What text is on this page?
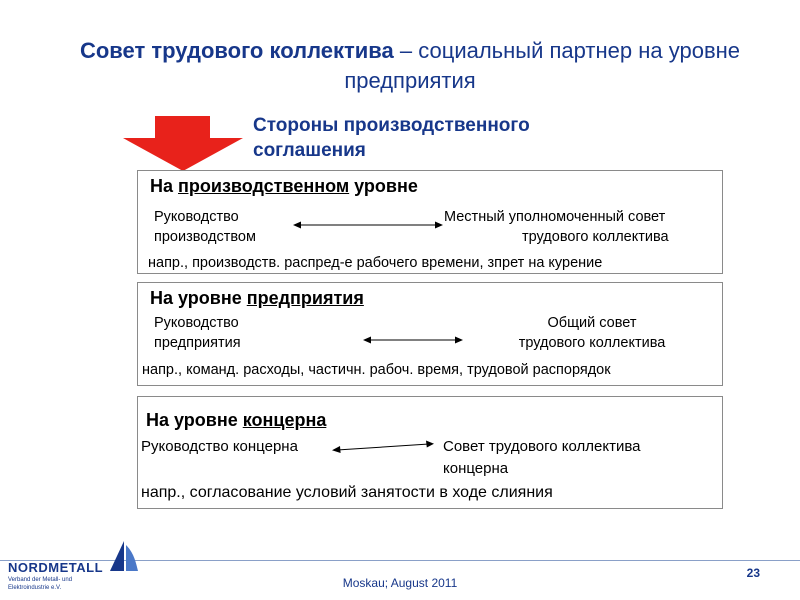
Совет трудового коллектива – социальный партнер на уровне предприятия
Стороны производственного соглашения
На производственном уровне
Руководство
производством
Местный уполномоченный совет
трудового коллектива
напр., производств. распред-е рабочего времени, зпрет на курение
На уровне предприятия
Руководство
предприятия
Общий совет
трудового коллектива
напр., команд. расходы, частичн. рабоч. время, трудовой распорядок
На уровне концерна
Руководство концерна	Совет трудового коллектива
концерна
напр., согласование условий занятости в ходе слияния
NORDMETALL
Verband der Metall- und Elektroindustrie e.V.	Moskau; August 2011
23
